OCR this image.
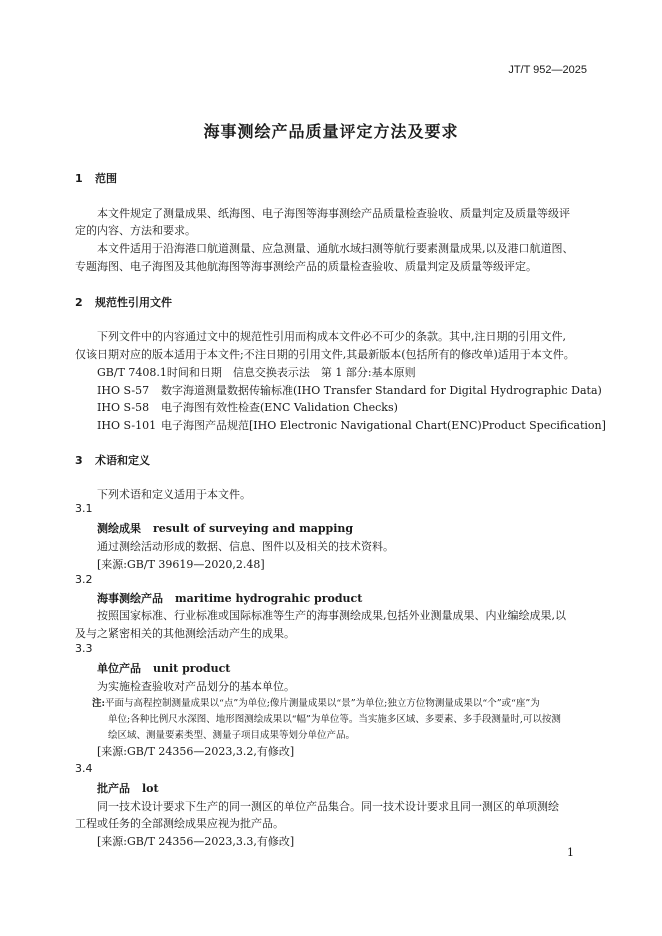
JT/T 952—2025
海事测绘产品质量评定方法及要求
1 范围
本文件规定了测量成果、纸海图、电子海图等海事测绘产品质量检查验收、质量判定及质量等级评
定的内容、方法和要求。
本文件适用于沿海港口航道测量、应急测量、通航水域扫测等航行要素测量成果,以及港口航道图、
专题海图、电子海图及其他航海图等海事测绘产品的质量检查验收、质量判定及质量等级评定。
2 规范性引用文件
下列文件中的内容通过文中的规范性引用而构成本文件必不可少的条款。其中,注日期的引用文件,
仅该日期对应的版本适用于本文件;不注日期的引用文件,其最新版本(包括所有的修改单)适用于本文件。
GB/T 7408.1时间和日期　信息交换表示法　第 1 部分:基本原则
IHO S-57 数字海道测量数据传输标准(IHO Transfer Standard for Digital Hydrographic Data)
IHO S-58 电子海图有效性检查(ENC Validation Checks)
IHO S-101 电子海图产品规范[IHO Electronic Navigational Chart(ENC)Product Specification]
3 术语和定义
下列术语和定义适用于本文件。
3.1
测绘成果 result of surveying and mapping
通过测绘活动形成的数据、信息、图件以及相关的技术资料。
[来源:GB/T 39619—2020,2.48]
3.2
海事测绘产品 maritime hydrograhic product
按照国家标准、行业标准或国际标准等生产的海事测绘成果,包括外业测量成果、内业编绘成果,以
及与之紧密相关的其他测绘活动产生的成果。
3.3
单位产品 unit product
为实施检查验收对产品划分的基本单位。
注:平面与高程控制测量成果以“点”为单位;像片测量成果以“景”为单位;独立方位物测量成果以“个”或“座”为
单位;各种比例尺水深图、地形图测绘成果以“幅”为单位等。当实施多区域、多要素、多手段测量时,可以按测
绘区域、测量要素类型、测量子项目成果等划分单位产品。
[来源:GB/T 24356—2023,3.2,有修改]
3.4
批产品 lot
同一技术设计要求下生产的同一测区的单位产品集合。同一技术设计要求且同一测区的单项测绘
工程或任务的全部测绘成果应视为批产品。
[来源:GB/T 24356—2023,3.3,有修改]
1
